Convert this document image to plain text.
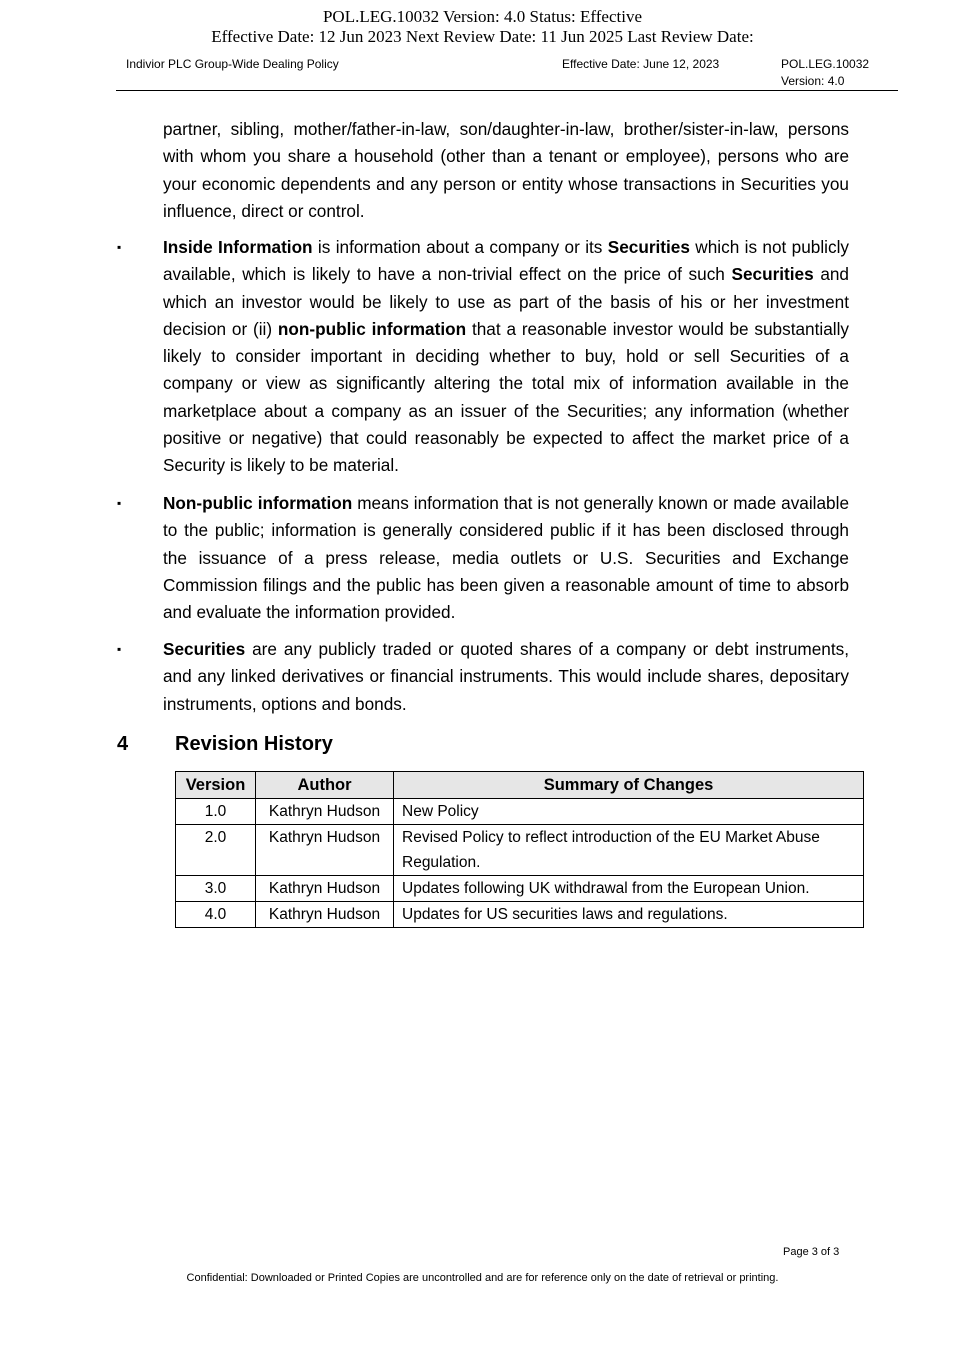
POL.LEG.10032 Version: 4.0 Status: Effective
Effective Date: 12 Jun 2023 Next Review Date: 11 Jun 2025 Last Review Date:
Indivior PLC Group-Wide Dealing Policy	Effective Date: June 12, 2023	POL.LEG.10032
Version: 4.0
partner, sibling, mother/father-in-law, son/daughter-in-law, brother/sister-in-law, persons with whom you share a household (other than a tenant or employee), persons who are your economic dependents and any person or entity whose transactions in Securities you influence, direct or control.
▪ Inside Information is information about a company or its Securities which is not publicly available, which is likely to have a non-trivial effect on the price of such Securities and which an investor would be likely to use as part of the basis of his or her investment decision or (ii) non-public information that a reasonable investor would be substantially likely to consider important in deciding whether to buy, hold or sell Securities of a company or view as significantly altering the total mix of information available in the marketplace about a company as an issuer of the Securities; any information (whether positive or negative) that could reasonably be expected to affect the market price of a Security is likely to be material.
▪ Non-public information means information that is not generally known or made available to the public; information is generally considered public if it has been disclosed through the issuance of a press release, media outlets or U.S. Securities and Exchange Commission filings and the public has been given a reasonable amount of time to absorb and evaluate the information provided.
▪ Securities are any publicly traded or quoted shares of a company or debt instruments, and any linked derivatives or financial instruments. This would include shares, depositary instruments, options and bonds.
4 Revision History
Version	Author	Summary of Changes
1.0	Kathryn Hudson	New Policy
2.0	Kathryn Hudson	Revised Policy to reflect introduction of the EU Market Abuse Regulation.
3.0	Kathryn Hudson	Updates following UK withdrawal from the European Union.
4.0	Kathryn Hudson	Updates for US securities laws and regulations.
Page 3 of 3
Confidential: Downloaded or Printed Copies are uncontrolled and are for reference only on the date of retrieval or printing.
